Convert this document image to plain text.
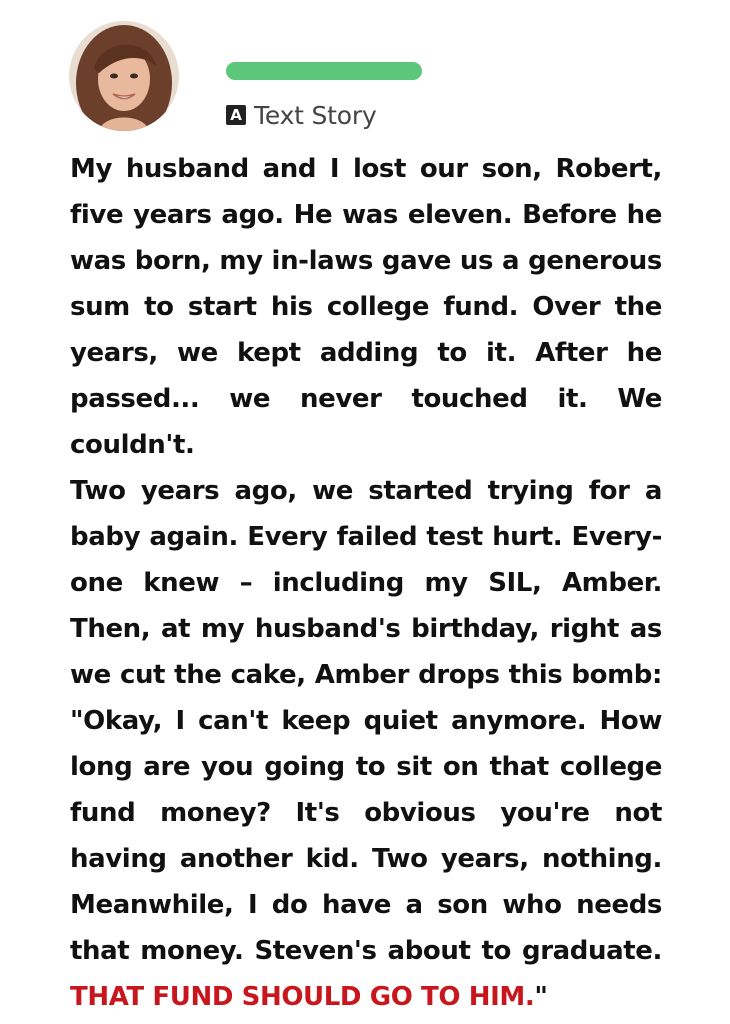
A Text Story

My husband and I lost our son, Robert, five years ago. He was eleven. Before he was born, my in-laws gave us a generous sum to start his college fund. Over the years, we kept adding to it. After he passed... we never touched it. We couldn't.

Two years ago, we started trying for a baby again. Every failed test hurt. Every-one knew – including my SIL, Amber.

Then, at my husband's birthday, right as we cut the cake, Amber drops this bomb: "Okay, I can't keep quiet anymore. How long are you going to sit on that college fund money? It's obvious you're not having another kid. Two years, nothing. Meanwhile, I do have a son who needs that money. Steven's about to graduate. THAT FUND SHOULD GO TO HIM."
